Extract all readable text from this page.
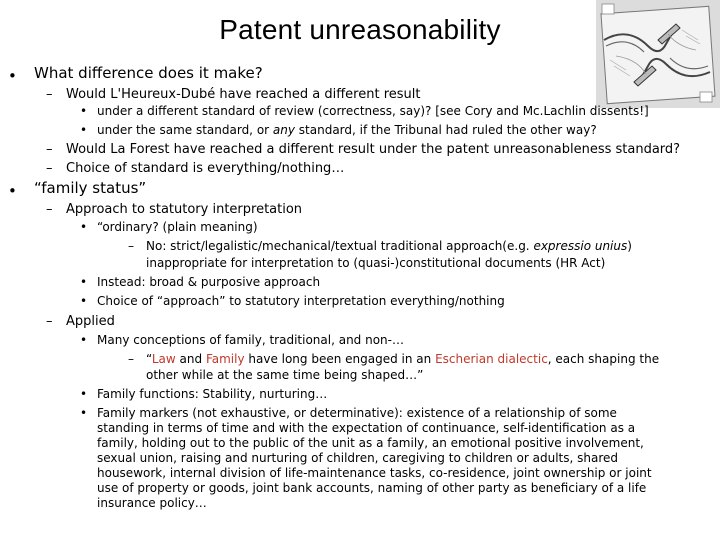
Patent unreasonability
• What difference does it make?
– Would L'Heureux-Dubé have reached a different result
• under a different standard of review (correctness, say)? [see Cory and Mc.Lachlin dissents!]
• under the same standard, or any standard, if the Tribunal had ruled the other way?
– Would La Forest have reached a different result under the patent unreasonableness standard?
– Choice of standard is everything/nothing…
• “family status”
– Approach to statutory interpretation
• “ordinary? (plain meaning)
– No: strict/legalistic/mechanical/textual traditional approach(e.g. expressio unius)
inappropriate for interpretation to (quasi-)constitutional documents (HR Act)
• Instead: broad & purposive approach
• Choice of “approach” to statutory interpretation everything/nothing
– Applied
• Many conceptions of family, traditional, and non-…
– “Law and Family have long been engaged in an Escherian dialectic, each shaping the
other while at the same time being shaped…”
• Family functions: Stability, nurturing…
• Family markers (not exhaustive, or determinative): existence of a relationship of some
standing in terms of time and with the expectation of continuance, self-identification as a
family, holding out to the public of the unit as a family, an emotional positive involvement,
sexual union, raising and nurturing of children, caregiving to children or adults, shared
housework, internal division of life-maintenance tasks, co-residence, joint ownership or joint
use of property or goods, joint bank accounts, naming of other party as beneficiary of a life
insurance policy…
